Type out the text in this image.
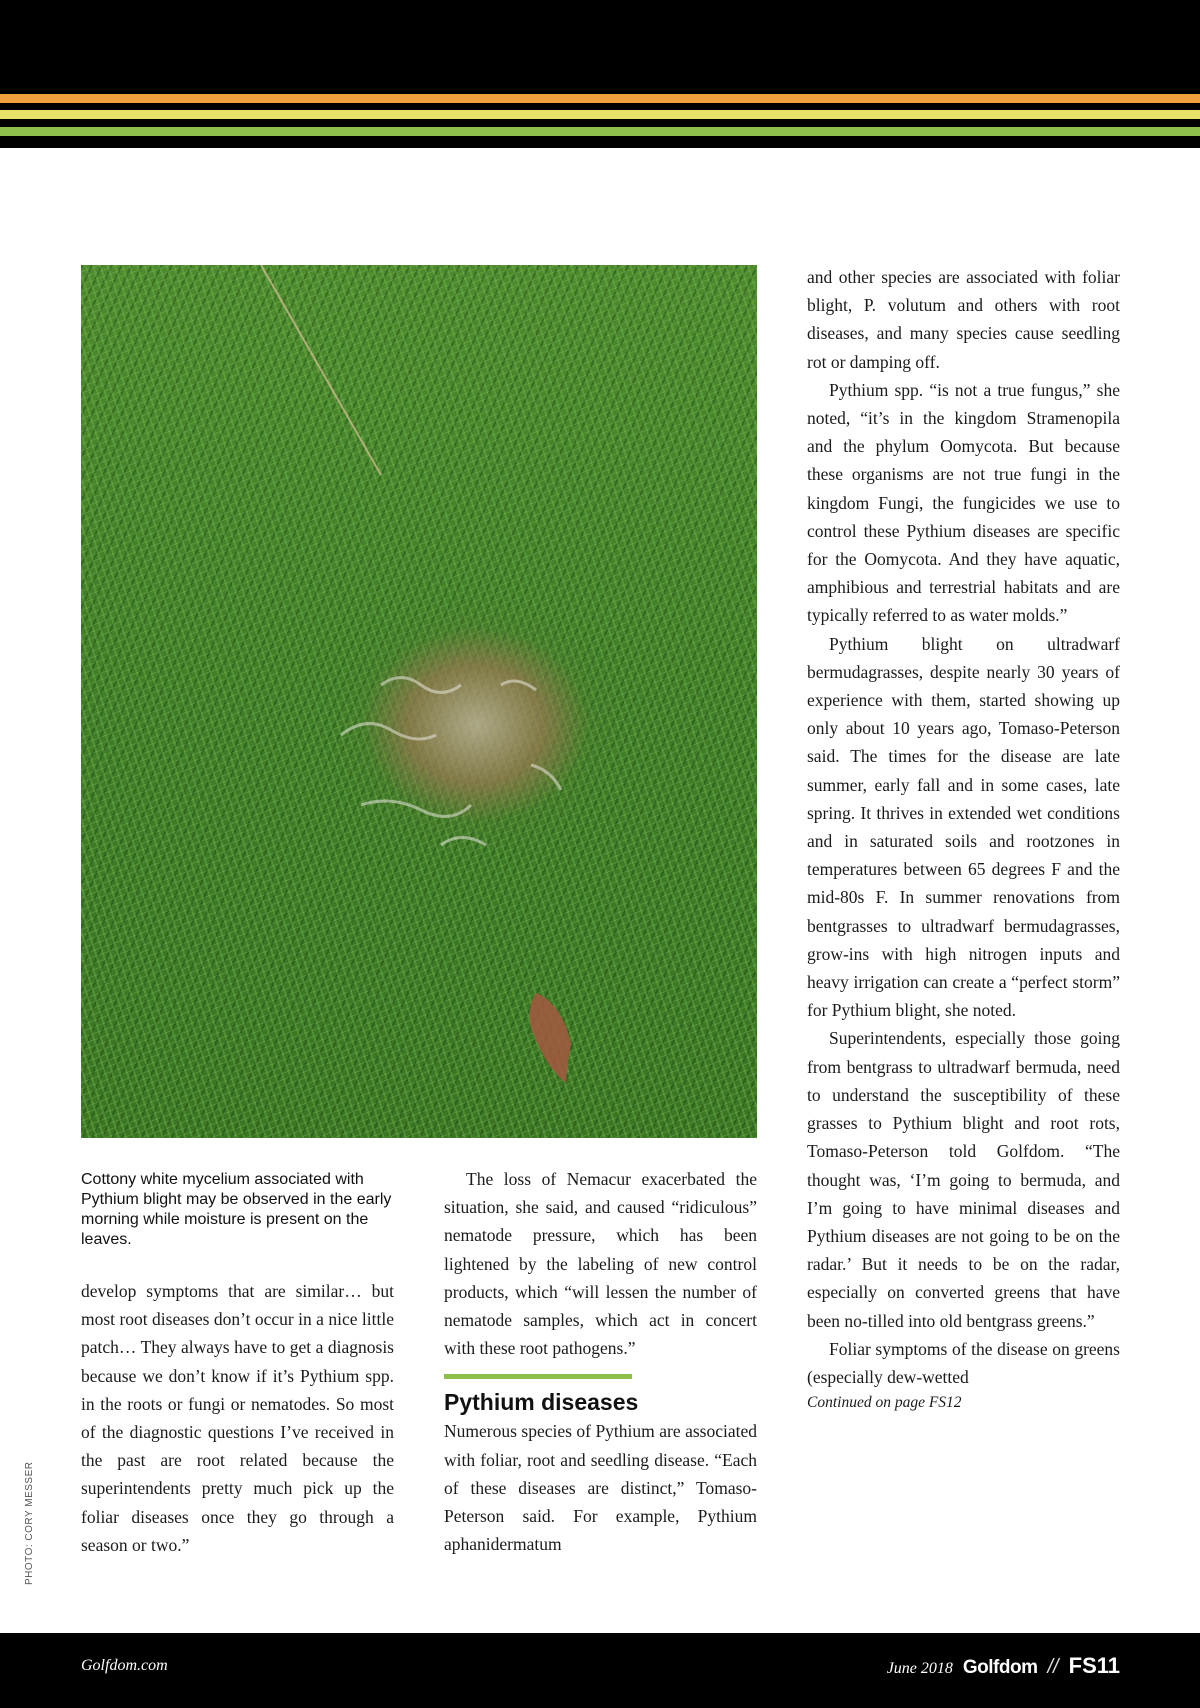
PHOTO: CORY MESSER
Cottony white mycelium associated with Pythium blight may be observed in the early morning while moisture is present on the leaves.

develop symptoms that are similar… but most root diseases don’t occur in a nice little patch… They always have to get a diagnosis because we don’t know if it’s Pythium spp. in the roots or fungi or nematodes. So most of the diagnostic questions I’ve received in the past are root related because the superintendents pretty much pick up the foliar diseases once they go through a season or two.”

The loss of Nemacur exacerbated the situation, she said, and caused “ridiculous” nematode pressure, which has been lightened by the labeling of new control products, which “will lessen the number of nematode samples, which act in concert with these root pathogens.”

Pythium diseases

Numerous species of Pythium are associated with foliar, root and seedling disease. “Each of these diseases are distinct,” Tomaso-Peterson said. For example, Pythium aphanidermatum

and other species are associated with foliar blight, P. volutum and others with root diseases, and many species cause seedling rot or damping off.

Pythium spp. “is not a true fungus,” she noted, “it’s in the kingdom Stramenopila and the phylum Oomycota. But because these organisms are not true fungi in the kingdom Fungi, the fungicides we use to control these Pythium diseases are specific for the Oomycota. And they have aquatic, amphibious and terrestrial habitats and are typically referred to as water molds.”

Pythium blight on ultradwarf bermudagrasses, despite nearly 30 years of experience with them, started showing up only about 10 years ago, Tomaso-Peterson said. The times for the disease are late summer, early fall and in some cases, late spring. It thrives in extended wet conditions and in saturated soils and rootzones in temperatures between 65 degrees F and the mid-80s F. In summer renovations from bentgrasses to ultradwarf bermudagrasses, grow-ins with high nitrogen inputs and heavy irrigation can create a “perfect storm” for Pythium blight, she noted.

Superintendents, especially those going from bentgrass to ultradwarf bermuda, need to understand the susceptibility of these grasses to Pythium blight and root rots, Tomaso-Peterson told Golfdom. “The thought was, ‘I’m going to bermuda, and I’m going to have minimal diseases and Pythium diseases are not going to be on the radar.’ But it needs to be on the radar, especially on converted greens that have been no-tilled into old bentgrass greens.”

Foliar symptoms of the disease on greens (especially dew-wetted

Continued on page FS12

Golfdom.com	June 2018 Golfdom // FS11
